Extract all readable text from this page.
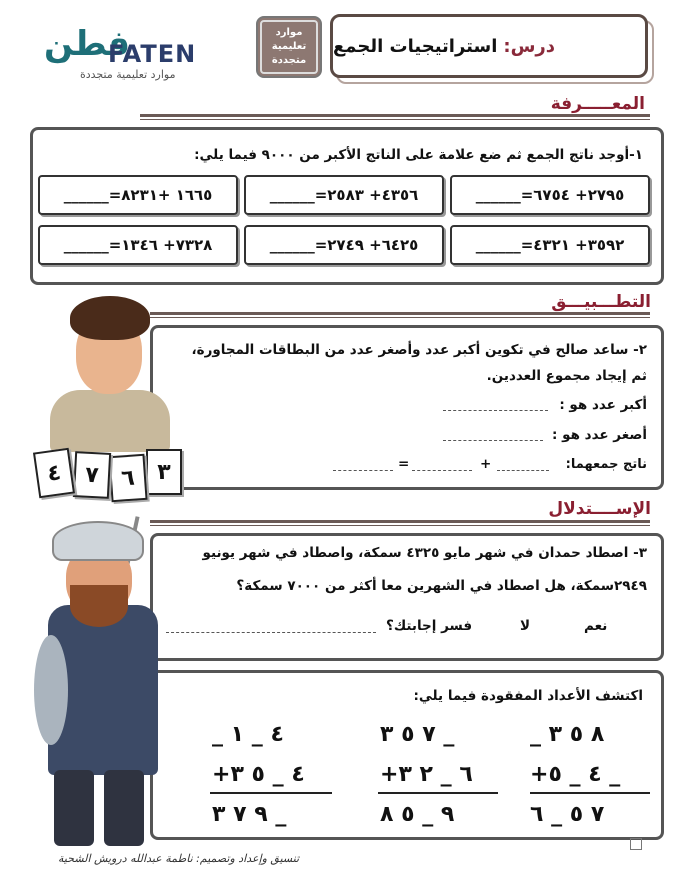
درس:
استراتيجيات الجمع
موارد
تعليمية
متجددة
فطن
FATEN
موارد تعليمية متجددة
المعـــــرفة
١-أوجد ناتج الجمع ثم ضع علامة على الناتج الأكبر من ٩٠٠٠ فيما يلي:
٢٧٩٥+ ٦٧٥٤=______
٤٣٥٦+ ٢٥٨٣=______
١٦٦٥ +٨٢٣١=______
٣٥٩٢+ ٤٣٢١=______
٦٤٢٥+ ٢٧٤٩=______
٧٣٢٨+ ١٣٤٦=______
التطـــبيـــق
٢- ساعد صالح في تكوين أكبر عدد وأصغر عدد من البطاقات المجاورة،
ثم إيجاد مجموع العددين.
أكبر عدد هو :
أصغر عدد هو :
ناتج جمعهما:
+
=
٣
٦
٧
٤
الإســــتدلال
٣- اصطاد حمدان في شهر مايو ٤٣٢٥ سمكة، واصطاد في شهر يونيو
٢٩٤٩سمكة، هل اصطاد في الشهرين معا أكثر من ٧٠٠٠ سمكة؟
نعم
لا
فسر إجابتك؟
اكتشف الأعداد المفقودة فيما يلي:
_ ٨ ٥ ٣
+٤ _ ٥ _
٧ ٥ _ ٦
٧ ٥ ٣ _
+٦ _ ٢ ٣
٩ _ ٥ ٨
_ ٤ _ ١
+٤ _ ٥ ٣
٩ ٧ ٣ _
تنسيق وإعداد وتصميم: ناطمة عبدالله درويش الشحية
